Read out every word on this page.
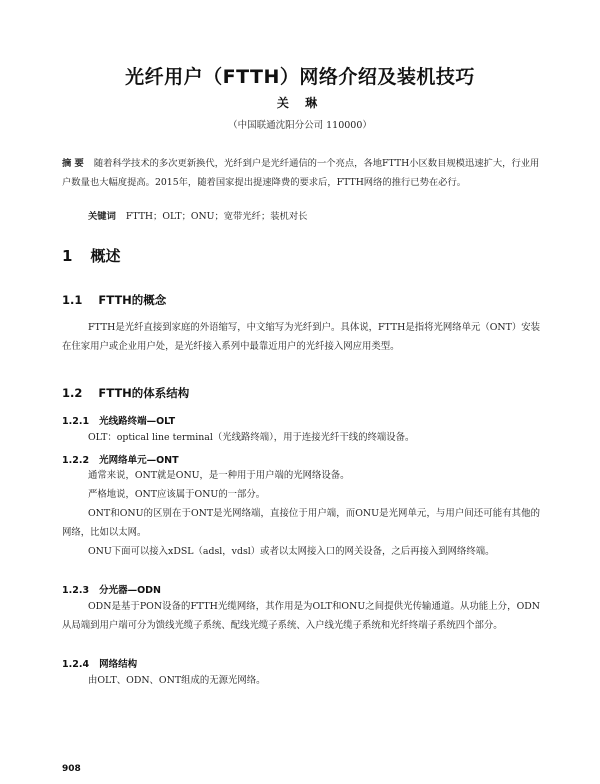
光纤用户（FTTH）网络介绍及装机技巧
关 琳
（中国联通沈阳分公司 110000）
摘 要 随着科学技术的多次更新换代，光纤到户是光纤通信的一个亮点，各地FTTH小区数目规模迅速扩大，行业用户数量也大幅度提高。2015年，随着国家提出提速降费的要求后，FTTH网络的推行已势在必行。
关键词 FTTH；OLT；ONU；宽带光纤；装机对长
1 概述
1.1 FTTH的概念
FTTH是光纤直接到家庭的外语缩写，中文缩写为光纤到户。具体说，FTTH是指将光网络单元（ONT）安装在住家用户或企业用户处，是光纤接入系列中最靠近用户的光纤接入网应用类型。
1.2 FTTH的体系结构
1.2.1 光线路终端—OLT
OLT：optical line terminal（光线路终端），用于连接光纤干线的终端设备。
1.2.2 光网络单元—ONT
通常来说，ONT就是ONU，是一种用于用户端的光网络设备。
严格地说，ONT应该属于ONU的一部分。
ONT和ONU的区别在于ONT是光网络端，直接位于用户端，而ONU是光网单元，与用户间还可能有其他的网络，比如以太网。
ONU下面可以接入xDSL（adsl，vdsl）或者以太网接入口的网关设备，之后再接入到网络终端。
1.2.3 分光器—ODN
ODN是基于PON设备的FTTH光缆网络，其作用是为OLT和ONU之间提供光传输通道。从功能上分，ODN从局端到用户端可分为馈线光缆子系统、配线光缆子系统、入户线光缆子系统和光纤终端子系统四个部分。
1.2.4 网络结构
由OLT、ODN、ONT组成的无源光网络。
908
